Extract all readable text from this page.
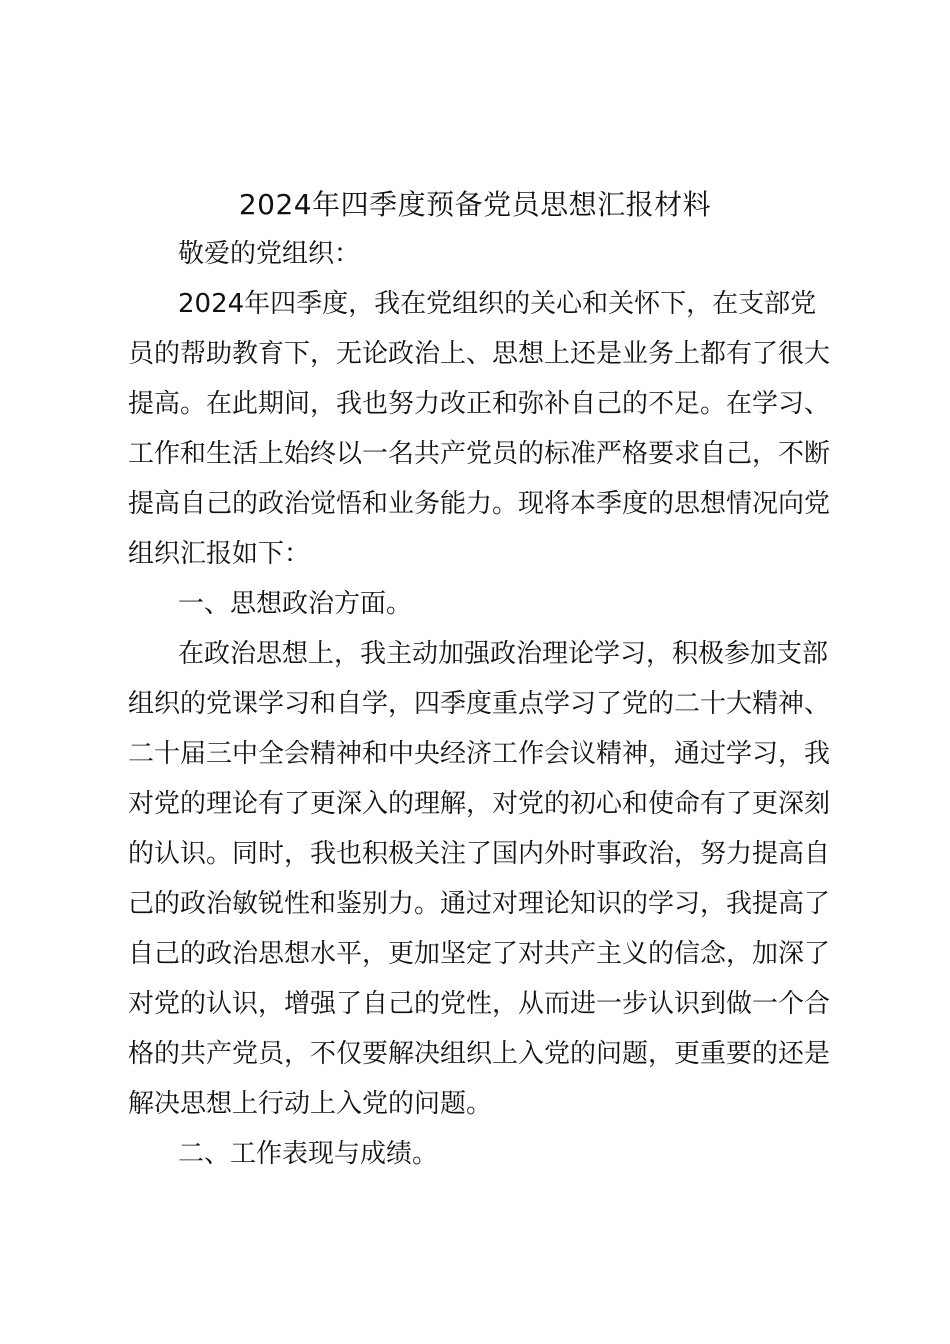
2024年四季度预备党员思想汇报材料
敬爱的党组织：
2024年四季度，我在党组织的关心和关怀下，在支部党
员的帮助教育下，无论政治上、思想上还是业务上都有了很大
提高。在此期间，我也努力改正和弥补自己的不足。在学习、
工作和生活上始终以一名共产党员的标准严格要求自己，不断
提高自己的政治觉悟和业务能力。现将本季度的思想情况向党
组织汇报如下：
一、思想政治方面。
在政治思想上，我主动加强政治理论学习，积极参加支部
组织的党课学习和自学，四季度重点学习了党的二十大精神、
二十届三中全会精神和中央经济工作会议精神，通过学习，我
对党的理论有了更深入的理解，对党的初心和使命有了更深刻
的认识。同时，我也积极关注了国内外时事政治，努力提高自
己的政治敏锐性和鉴别力。通过对理论知识的学习，我提高了
自己的政治思想水平，更加坚定了对共产主义的信念，加深了
对党的认识，增强了自己的党性，从而进一步认识到做一个合
格的共产党员，不仅要解决组织上入党的问题，更重要的还是
解决思想上行动上入党的问题。
二、工作表现与成绩。
